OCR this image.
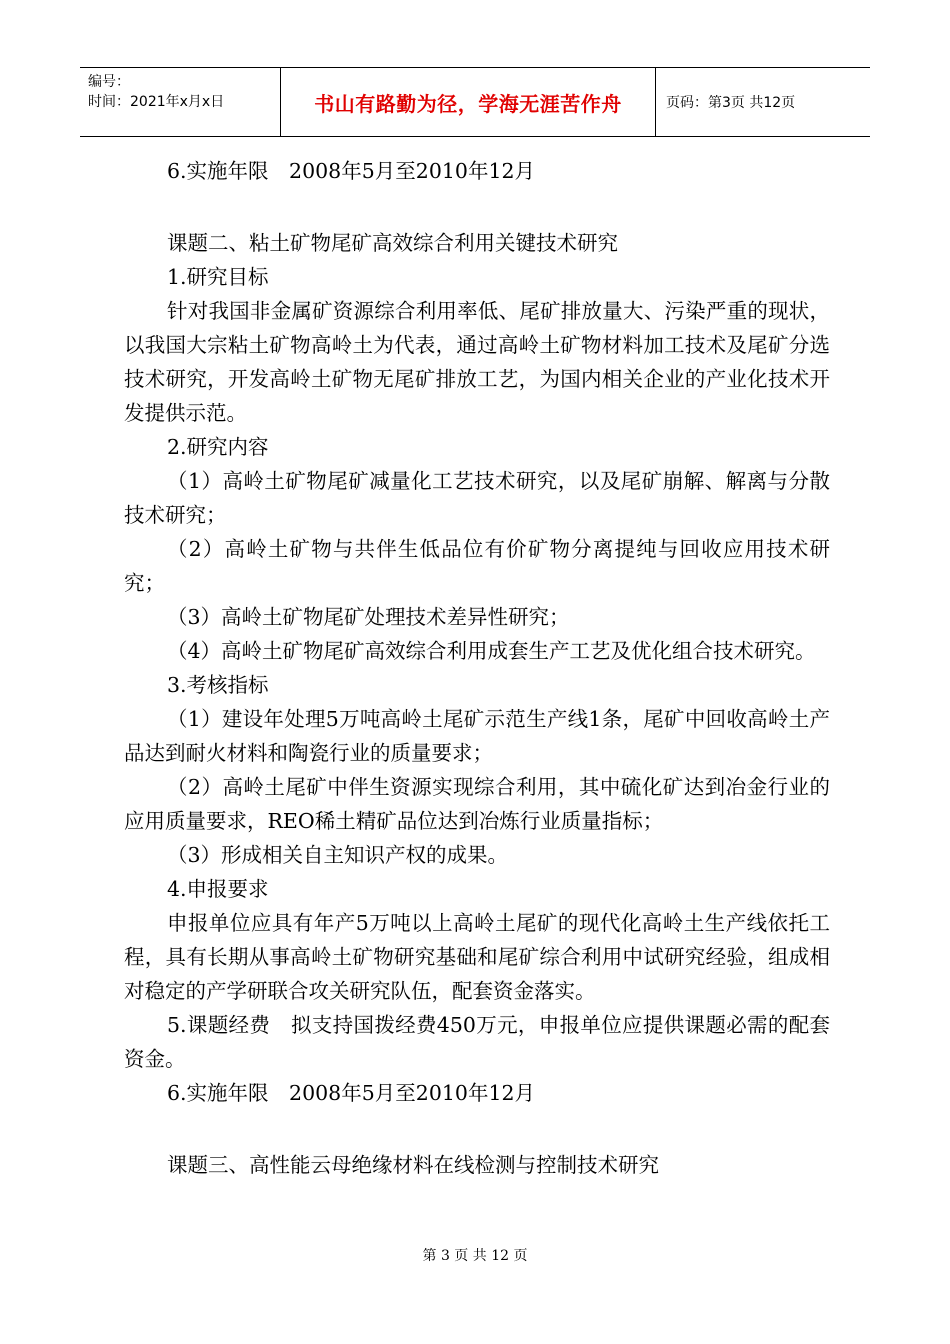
编号：
时间：2021年x月x日	书山有路勤为径，学海无涯苦作舟	页码：第3页 共12页

6.实施年限　2008年5月至2010年12月

课题二、粘土矿物尾矿高效综合利用关键技术研究

1.研究目标

针对我国非金属矿资源综合利用率低、尾矿排放量大、污染严重的现状，以我国大宗粘土矿物高岭土为代表，通过高岭土矿物材料加工技术及尾矿分选技术研究，开发高岭土矿物无尾矿排放工艺，为国内相关企业的产业化技术开发提供示范。

2.研究内容

（1）高岭土矿物尾矿减量化工艺技术研究，以及尾矿崩解、解离与分散技术研究；

（2）高岭土矿物与共伴生低品位有价矿物分离提纯与回收应用技术研究；

（3）高岭土矿物尾矿处理技术差异性研究；

（4）高岭土矿物尾矿高效综合利用成套生产工艺及优化组合技术研究。

3.考核指标

（1）建设年处理5万吨高岭土尾矿示范生产线1条，尾矿中回收高岭土产品达到耐火材料和陶瓷行业的质量要求；

（2）高岭土尾矿中伴生资源实现综合利用，其中硫化矿达到冶金行业的应用质量要求，REO稀土精矿品位达到冶炼行业质量指标；

（3）形成相关自主知识产权的成果。

4.申报要求

申报单位应具有年产5万吨以上高岭土尾矿的现代化高岭土生产线依托工程，具有长期从事高岭土矿物研究基础和尾矿综合利用中试研究经验，组成相对稳定的产学研联合攻关研究队伍，配套资金落实。

5.课题经费　拟支持国拨经费450万元，申报单位应提供课题必需的配套资金。

6.实施年限　2008年5月至2010年12月

课题三、高性能云母绝缘材料在线检测与控制技术研究

第 3 页 共 12 页
